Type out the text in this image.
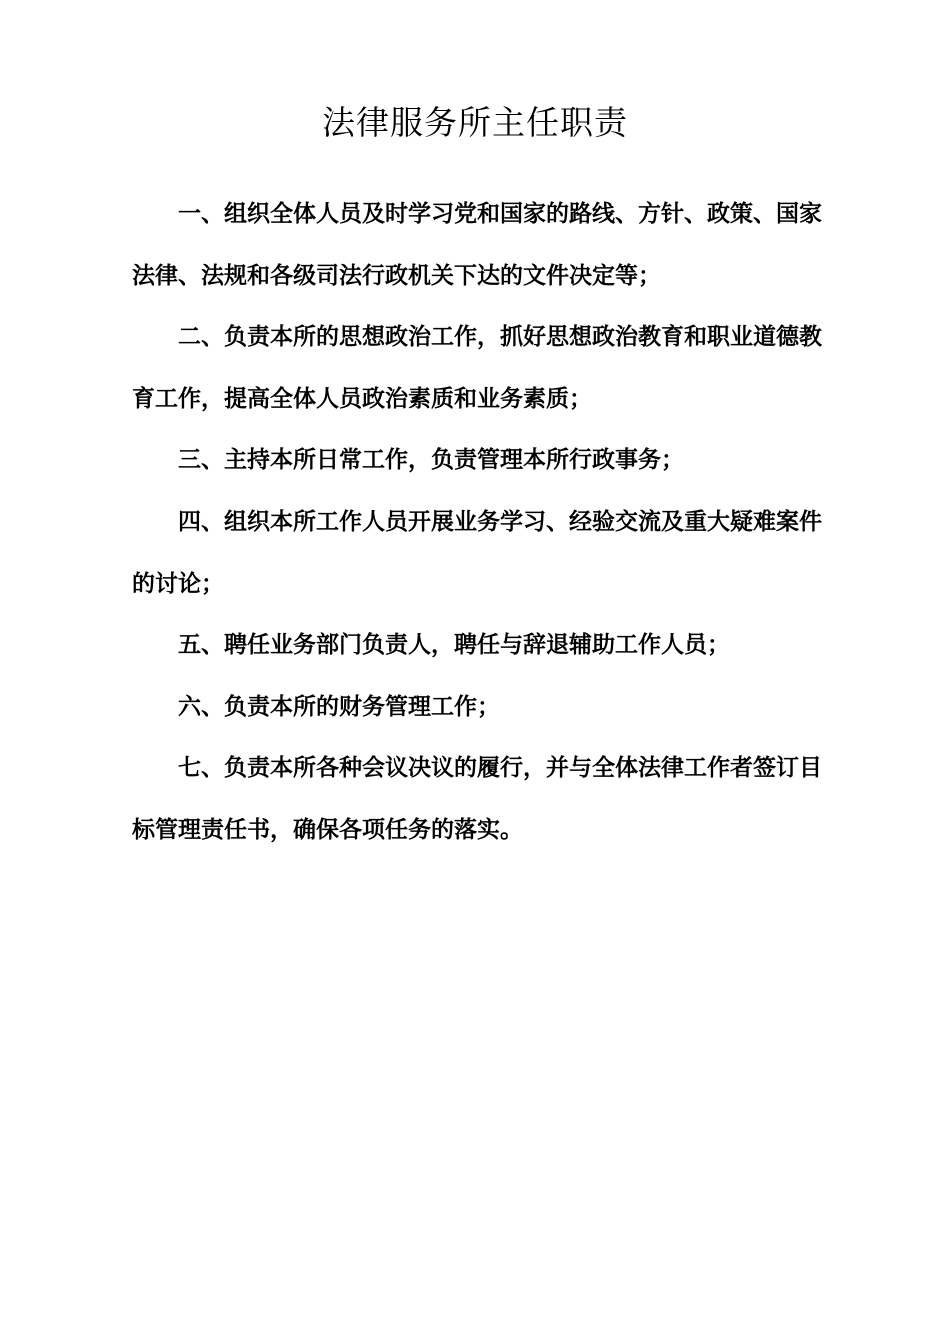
法律服务所主任职责

一、组织全体人员及时学习党和国家的路线、方针、政策、国家法律、法规和各级司法行政机关下达的文件决定等；

二、负责本所的思想政治工作，抓好思想政治教育和职业道德教育工作，提高全体人员政治素质和业务素质；

三、主持本所日常工作，负责管理本所行政事务；

四、组织本所工作人员开展业务学习、经验交流及重大疑难案件的讨论；

五、聘任业务部门负责人，聘任与辞退辅助工作人员；

六、负责本所的财务管理工作；

七、负责本所各种会议决议的履行，并与全体法律工作者签订目标管理责任书，确保各项任务的落实。
